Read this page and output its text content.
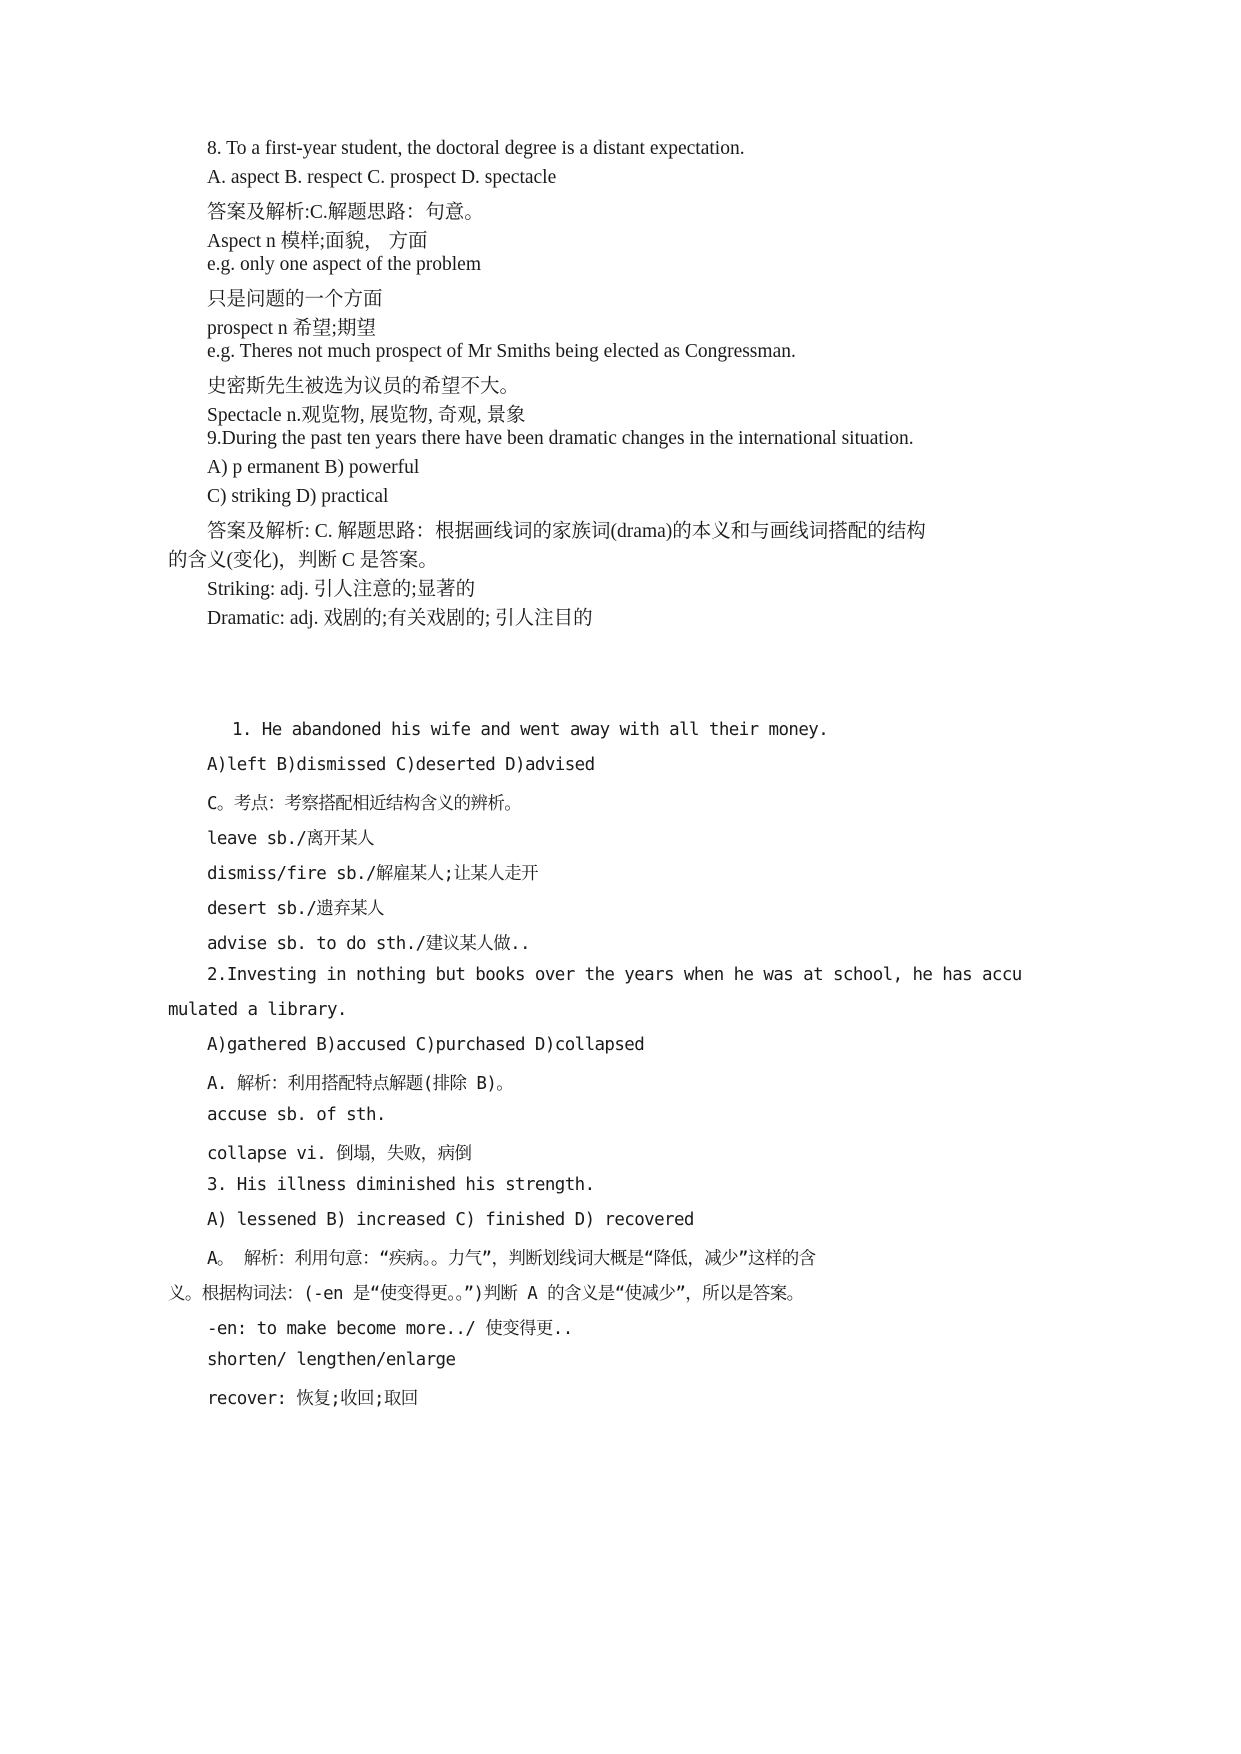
8. To a first-year student, the doctoral degree is a distant expectation.
A. aspect B. respect C. prospect D. spectacle
答案及解析:C.解题思路：句意。
Aspect n 模样;面貌， 方面
e.g. only one aspect of the problem
只是问题的一个方面
prospect n 希望;期望
e.g. Theres not much prospect of Mr Smiths being elected as Congressman.
史密斯先生被选为议员的希望不大。
Spectacle n.观览物, 展览物, 奇观, 景象
9.During the past ten years there have been dramatic changes in the international situation.
A) p ermanent B) powerful
C) striking D) practical
答案及解析: C. 解题思路：根据画线词的家族词(drama)的本义和与画线词搭配的结构
的含义(变化)，判断 C 是答案。
Striking: adj. 引人注意的;显著的
Dramatic: adj. 戏剧的;有关戏剧的; 引人注目的
1. He abandoned his wife and went away with all their money.
A)left B)dismissed C)deserted D)advised
C。考点：考察搭配相近结构含义的辨析。
leave sb./离开某人
dismiss/fire sb./解雇某人;让某人走开
desert sb./遗弃某人
advise sb. to do sth./建议某人做..
2.Investing in nothing but books over the years when he was at school, he has accu
mulated a library.
A)gathered B)accused C)purchased D)collapsed
A. 解析：利用搭配特点解题(排除 B)。
accuse sb. of sth.
collapse vi. 倒塌，失败，病倒
3. His illness diminished his strength.
A) lessened B) increased C) finished D) recovered
A。 解析：利用句意：“疾病。。力气”，判断划线词大概是“降低，减少”这样的含
义。根据构词法：(-en 是“使变得更。。”)判断 A 的含义是“使减少”，所以是答案。
-en: to make become more../ 使变得更..
shorten/ lengthen/enlarge
recover: 恢复;收回;取回
